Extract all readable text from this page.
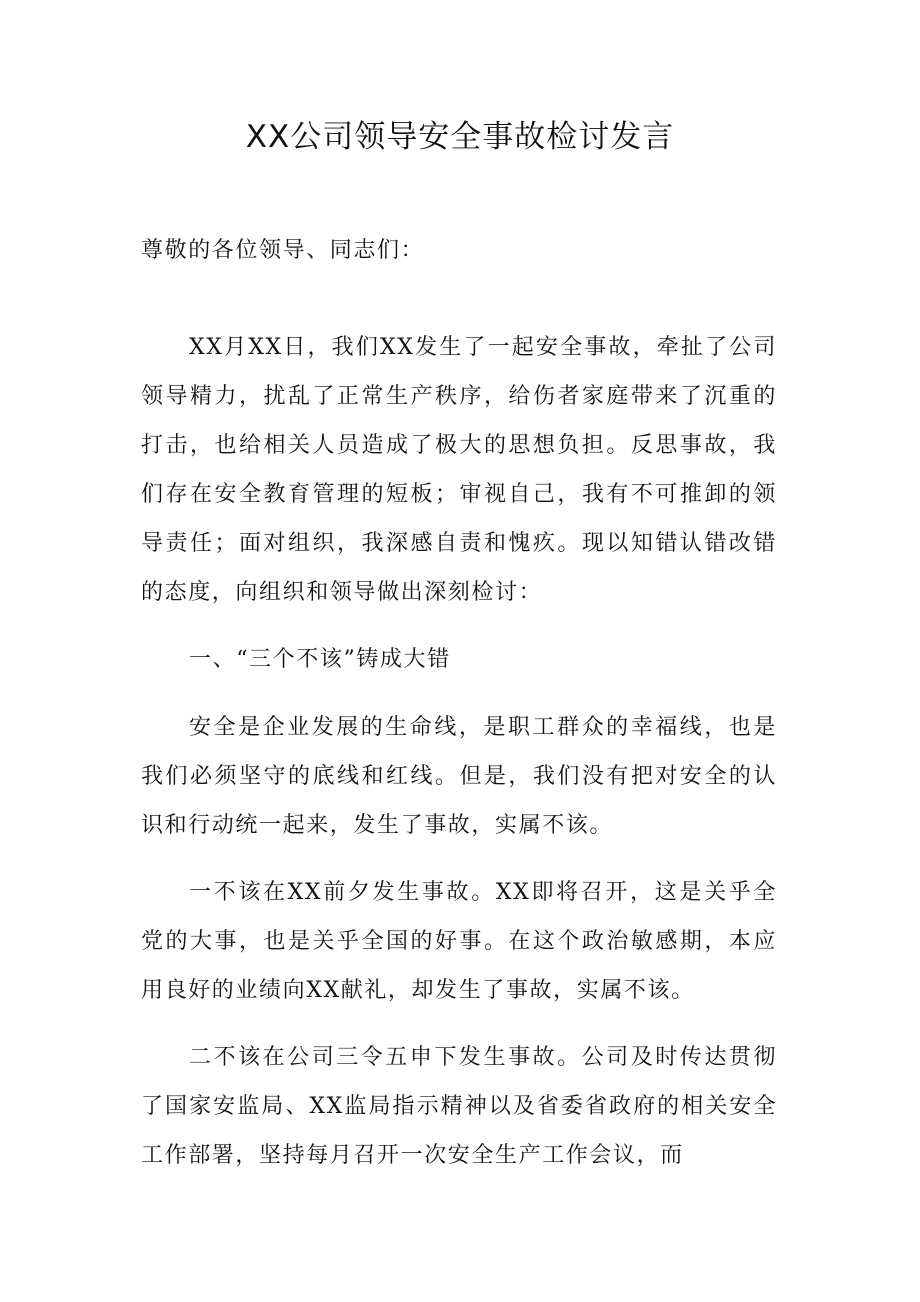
XX公司领导安全事故检讨发言

尊敬的各位领导、同志们：

XX月XX日，我们XX发生了一起安全事故，牵扯了公司领导精力，扰乱了正常生产秩序，给伤者家庭带来了沉重的打击，也给相关人员造成了极大的思想负担。反思事故，我们存在安全教育管理的短板；审视自己，我有不可推卸的领导责任；面对组织，我深感自责和愧疚。现以知错认错改错的态度，向组织和领导做出深刻检讨：

一、“三个不该”铸成大错

安全是企业发展的生命线，是职工群众的幸福线，也是我们必须坚守的底线和红线。但是，我们没有把对安全的认识和行动统一起来，发生了事故，实属不该。

一不该在XX前夕发生事故。XX即将召开，这是关乎全党的大事，也是关乎全国的好事。在这个政治敏感期，本应用良好的业绩向XX献礼，却发生了事故，实属不该。

二不该在公司三令五申下发生事故。公司及时传达贯彻了国家安监局、XX监局指示精神以及省委省政府的相关安全工作部署，坚持每月召开一次安全生产工作会议，而
